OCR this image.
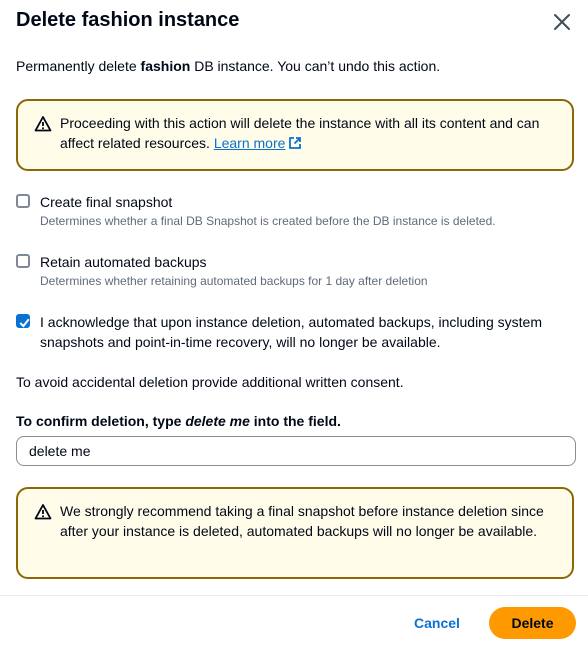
Delete fashion instance
Permanently delete fashion DB instance. You can’t undo this action.
Proceeding with this action will delete the instance with all its content and can affect related resources. Learn more
Create final snapshot
Determines whether a final DB Snapshot is created before the DB instance is deleted.
Retain automated backups
Determines whether retaining automated backups for 1 day after deletion
I acknowledge that upon instance deletion, automated backups, including system snapshots and point-in-time recovery, will no longer be available.
To avoid accidental deletion provide additional written consent.
To confirm deletion, type delete me into the field.
delete me
We strongly recommend taking a final snapshot before instance deletion since after your instance is deleted, automated backups will no longer be available.
Cancel	Delete
